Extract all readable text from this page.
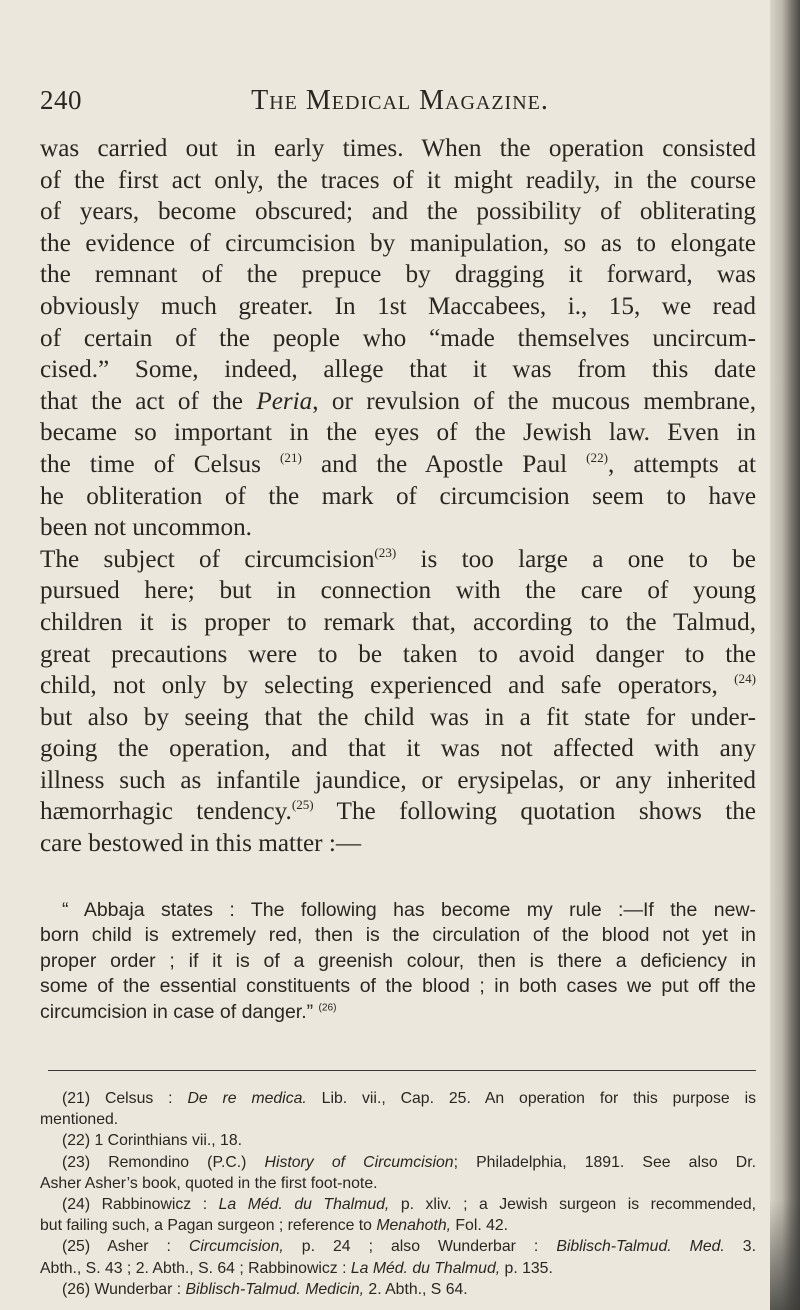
240	The Medical Magazine.
was carried out in early times. When the operation consisted
of the first act only, the traces of it might readily, in the course
of years, become obscured; and the possibility of obliterating
the evidence of circumcision by manipulation, so as to elongate
the remnant of the prepuce by dragging it forward, was
obviously much greater. In 1st Maccabees, i., 15, we read
of certain of the people who “made themselves uncircum-
cised.” Some, indeed, allege that it was from this date
that the act of the Peria, or revulsion of the mucous membrane,
became so important in the eyes of the Jewish law. Even in
the time of Celsus $^{(21)}$ and the Apostle Paul $^{(22)}$, attempts at
he obliteration of the mark of circumcision seem to have
been not uncommon.
The subject of circumcision$^{(23)}$ is too large a one to be
pursued here; but in connection with the care of young
children it is proper to remark that, according to the Talmud,
great precautions were to be taken to avoid danger to the
child, not only by selecting experienced and safe operators, $^{(24)}$
but also by seeing that the child was in a fit state for under-
going the operation, and that it was not affected with any
illness such as infantile jaundice, or erysipelas, or any inherited
hæmorrhagic tendency.$^{(25)}$ The following quotation shows the
care bestowed in this matter :—
“ Abbaja states : The following has become my rule :—If the new-
born child is extremely red, then is the circulation of the blood not yet in
proper order ; if it is of a greenish colour, then is there a deficiency in
some of the essential constituents of the blood ; in both cases we put off the
circumcision in case of danger.” $^{(26)}$
(21) Celsus : De re medica. Lib. vii., Cap. 25. An operation for this purpose is
mentioned.
(22) 1 Corinthians vii., 18.
(23) Remondino (P.C.) History of Circumcision; Philadelphia, 1891. See also Dr.
Asher Asher’s book, quoted in the first foot-note.
(24) Rabbinowicz : La Méd. du Thalmud, p. xliv. ; a Jewish surgeon is recommended,
but failing such, a Pagan surgeon ; reference to Menahoth, Fol. 42.
(25) Asher : Circumcision, p. 24 ; also Wunderbar : Biblisch-Talmud. Med. 3.
Abth., S. 43 ; 2. Abth., S. 64 ; Rabbinowicz : La Méd. du Thalmud, p. 135.
(26) Wunderbar : Biblisch-Talmud. Medicin, 2. Abth., S 64.
